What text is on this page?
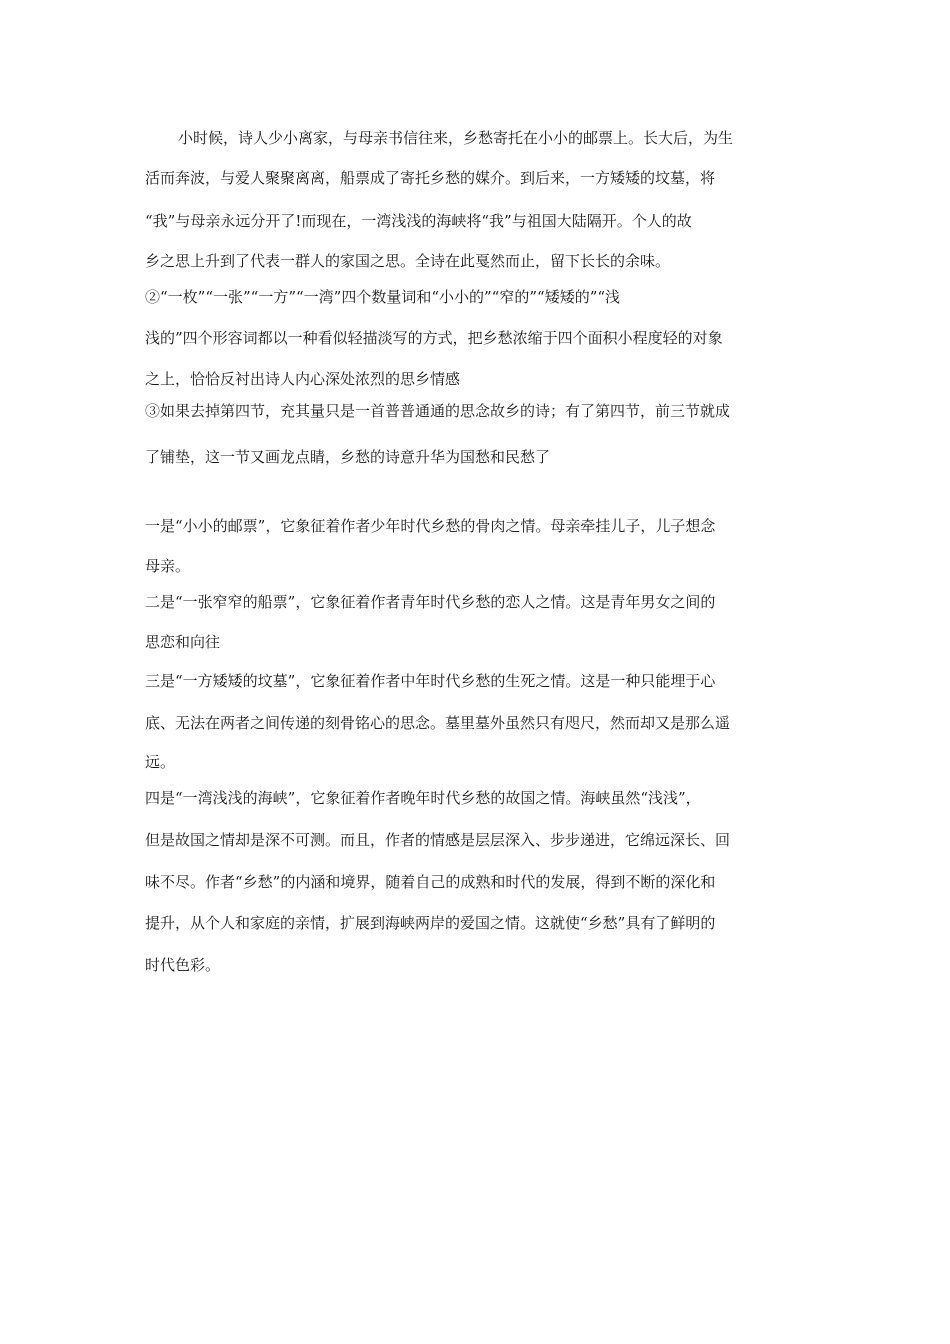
小时候，诗人少小离家，与母亲书信往来，乡愁寄托在小小的邮票上。长大后，为生
活而奔波，与爱人聚聚离离，船票成了寄托乡愁的媒介。到后来，一方矮矮的坟墓，将
“我”与母亲永远分开了!而现在，一湾浅浅的海峡将“我”与祖国大陆隔开。个人的故
乡之思上升到了代表一群人的家国之思。全诗在此戛然而止，留下长长的余味。
②“一枚”“一张”“一方”“一湾”四个数量词和“小小的”“窄的”“矮矮的”“浅
浅的”四个形容词都以一种看似轻描淡写的方式，把乡愁浓缩于四个面积小程度轻的对象
之上，恰恰反衬出诗人内心深处浓烈的思乡情感
③如果去掉第四节，充其量只是一首普普通通的思念故乡的诗；有了第四节，前三节就成
了铺垫，这一节又画龙点睛，乡愁的诗意升华为国愁和民愁了
一是“小小的邮票”，它象征着作者少年时代乡愁的骨肉之情。母亲牵挂儿子，儿子想念
母亲。
二是“一张窄窄的船票”，它象征着作者青年时代乡愁的恋人之情。这是青年男女之间的
思恋和向往
三是“一方矮矮的坟墓”，它象征着作者中年时代乡愁的生死之情。这是一种只能埋于心
底、无法在两者之间传递的刻骨铭心的思念。墓里墓外虽然只有咫尺，然而却又是那么遥
远。
四是“一湾浅浅的海峡”，它象征着作者晚年时代乡愁的故国之情。海峡虽然“浅浅”，
但是故国之情却是深不可测。而且，作者的情感是层层深入、步步递进，它绵远深长、回
味不尽。作者“乡愁”的内涵和境界，随着自己的成熟和时代的发展，得到不断的深化和
提升，从个人和家庭的亲情，扩展到海峡两岸的爱国之情。这就使“乡愁”具有了鲜明的
时代色彩。
